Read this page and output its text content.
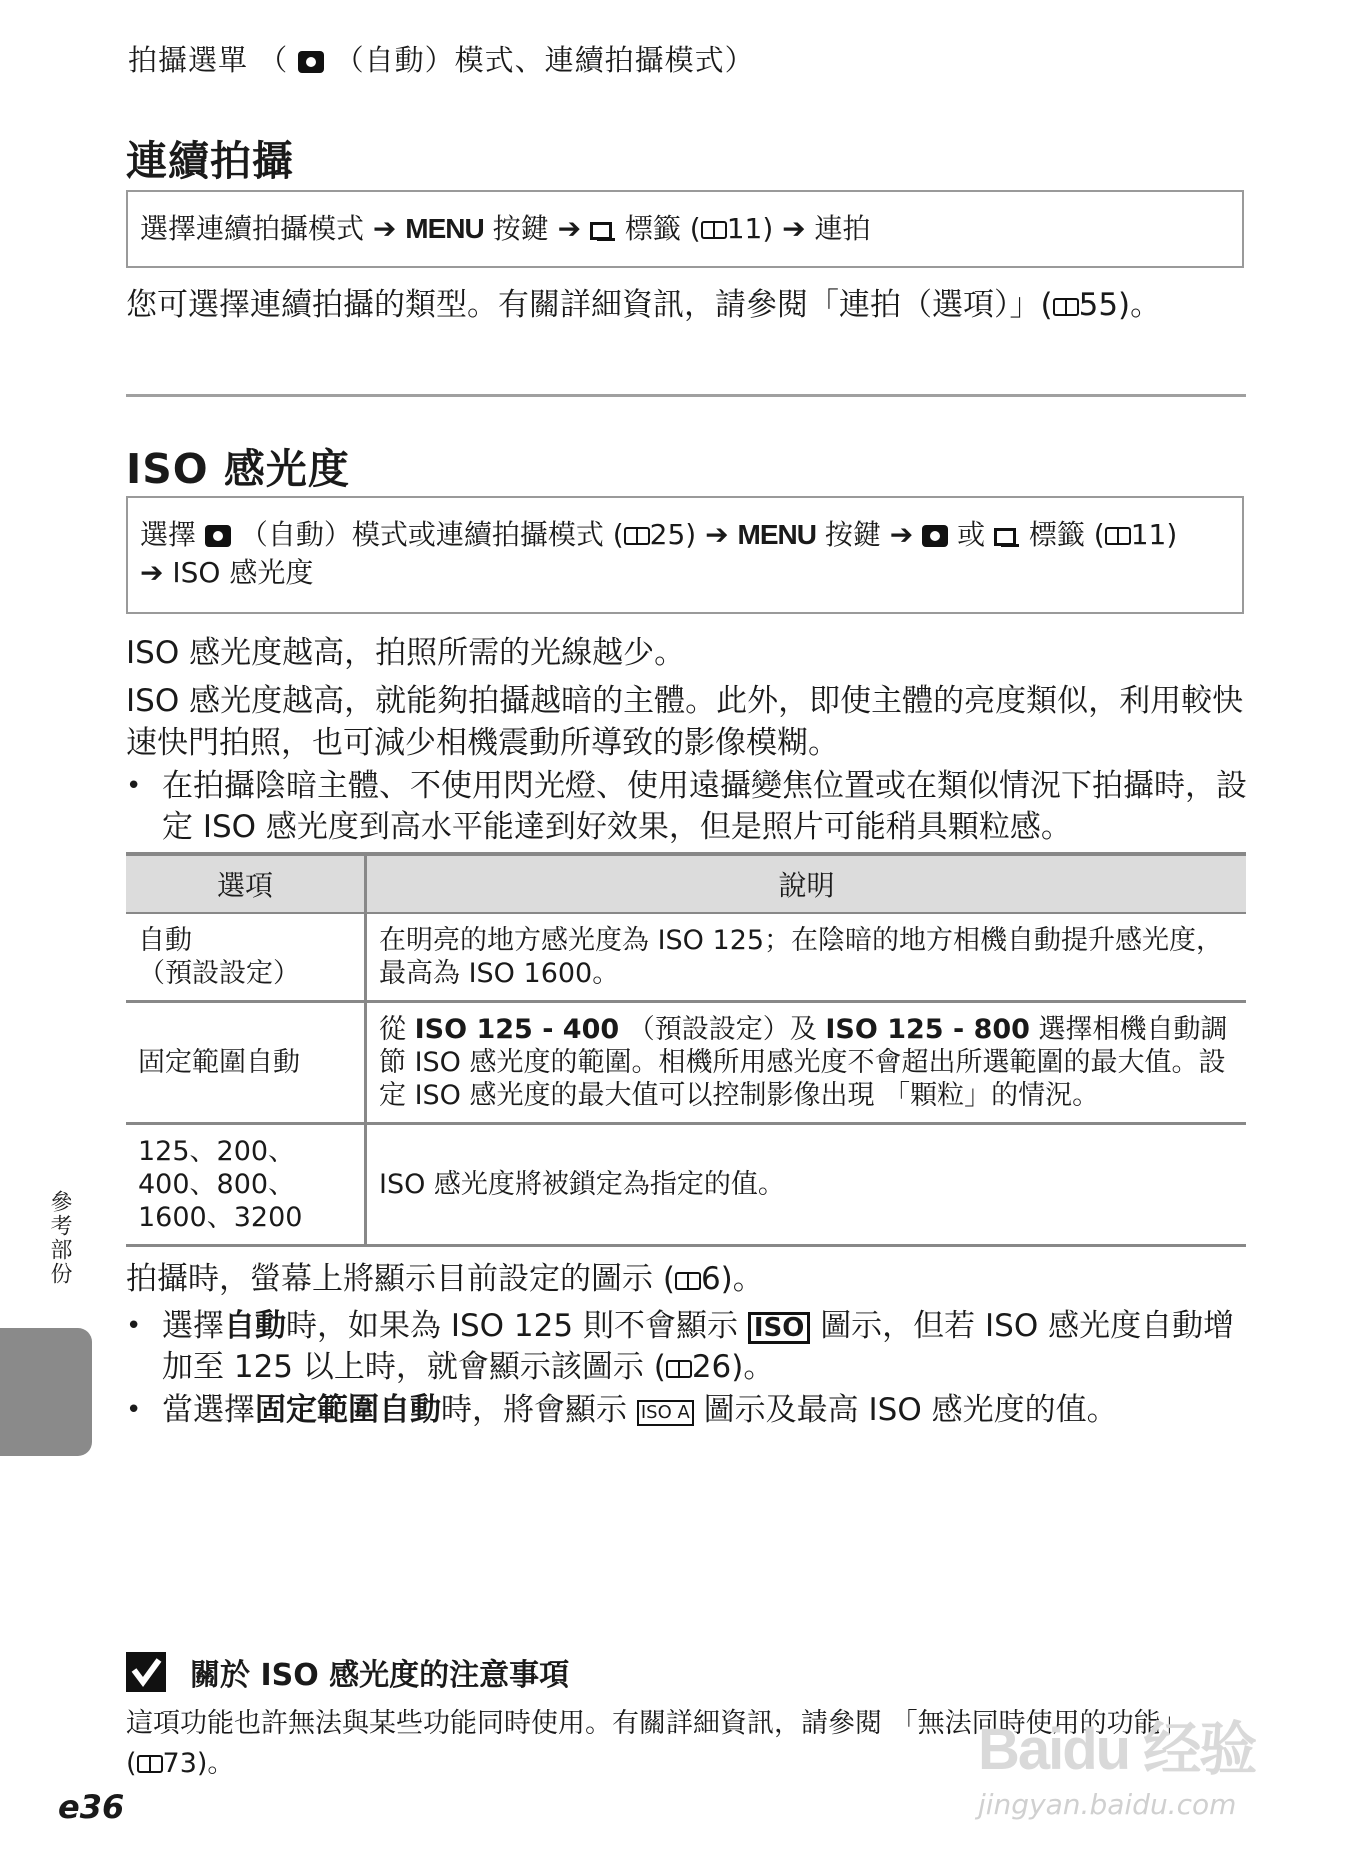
拍攝選單 （ （自動）模式、連續拍攝模式）
連續拍攝
選擇連續拍攝模式 ➔ MENU 按鍵 ➔ 標籤 ( 11) ➔ 連拍
您可選擇連續拍攝的類型。有關詳細資訊，請參閱「連拍（選項）」( 55)。
ISO 感光度
選擇 （自動）模式或連續拍攝模式 ( 25) ➔ MENU 按鍵 ➔ 或 標籤 ( 11)
➔ ISO 感光度
ISO 感光度越高，拍照所需的光線越少。
ISO 感光度越高，就能夠拍攝越暗的主體。此外，即使主體的亮度類似，利用較快速快門拍照，也可減少相機震動所導致的影像模糊。
• 在拍攝陰暗主體、不使用閃光燈、使用遠攝變焦位置或在類似情況下拍攝時，設定 ISO 感光度到高水平能達到好效果，但是照片可能稍具顆粒感。
選項	說明

自動
（預設設定）	在明亮的地方感光度為 ISO 125；在陰暗的地方相機自動提升感光度，最高為 ISO 1600。
固定範圍自動	從 ISO 125 - 400 （預設設定）及 ISO 125 - 800 選擇相機自動調節 ISO 感光度的範圍。相機所用感光度不會超出所選範圍的最大值。設定 ISO 感光度的最大值可以控制影像出現 「顆粒」的情況。

125、200、
400、800、
1600、3200	ISO 感光度將被鎖定為指定的值。
拍攝時，螢幕上將顯示目前設定的圖示 ( 6)。
• 選擇自動時，如果為 ISO 125 則不會顯示 ISO 圖示，但若 ISO 感光度自動增加至 125 以上時，就會顯示該圖示 ( 26)。
• 當選擇固定範圍自動時，將會顯示 ISO A 圖示及最高 ISO 感光度的值。
參考部份
關於 ISO 感光度的注意事項
這項功能也許無法與某些功能同時使用。有關詳細資訊，請參閱 「無法同時使用的功能」
( 73)。
e36
Baidu 经验
jingyan.baidu.com
